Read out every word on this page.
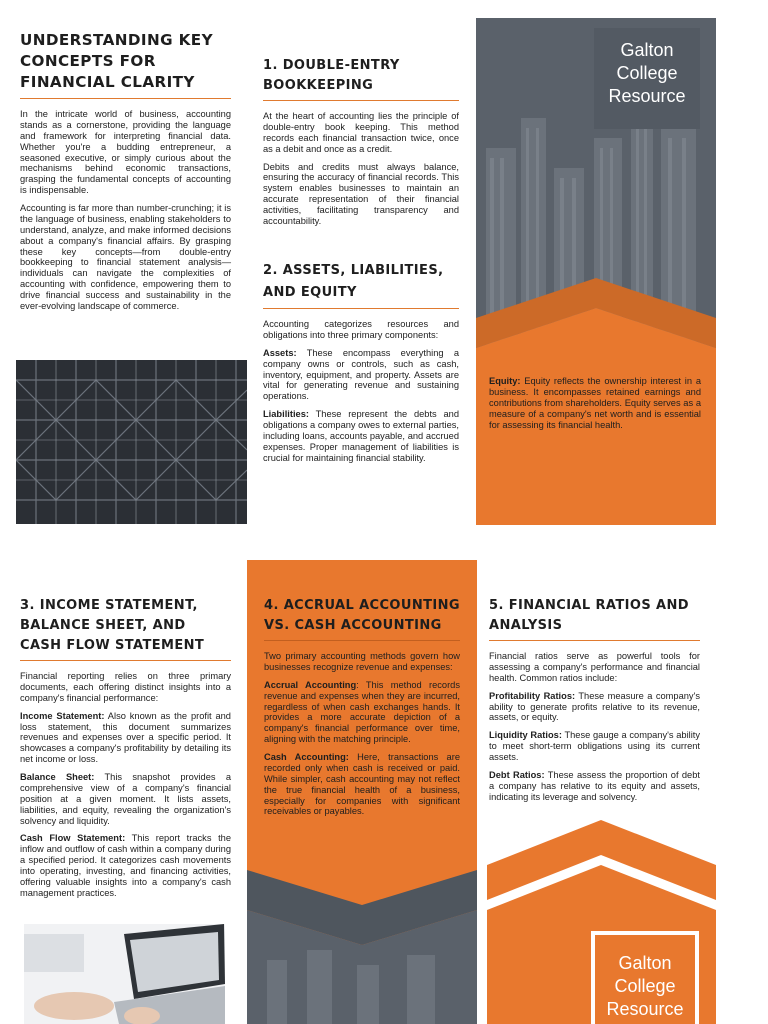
UNDERSTANDING KEY CONCEPTS FOR FINANCIAL CLARITY

In the intricate world of business, accounting stands as a cornerstone, providing the language and framework for interpreting financial data. Whether you're a budding entrepreneur, a seasoned executive, or simply curious about the mechanisms behind economic transactions, grasping the fundamental concepts of accounting is indispensable.

Accounting is far more than number-crunching; it is the language of business, enabling stakeholders to understand, analyze, and make informed decisions about a company's financial affairs. By grasping these key concepts—from double-entry bookkeeping to financial statement analysis—individuals can navigate the complexities of accounting with confidence, empowering them to drive financial success and sustainability in the ever-evolving landscape of commerce.

1. DOUBLE-ENTRY BOOKKEEPING

At the heart of accounting lies the principle of double-entry book keeping. This method records each financial transaction twice, once as a debit and once as a credit.

Debits and credits must always balance, ensuring the accuracy of financial records. This system enables businesses to maintain an accurate representation of their financial activities, facilitating transparency and accountability.

2. ASSETS, LIABILITIES, AND EQUITY

Accounting categorizes resources and obligations into three primary components:

Assets: These encompass everything a company owns or controls, such as cash, inventory, equipment, and property. Assets are vital for generating revenue and sustaining operations.

Liabilities: These represent the debts and obligations a company owes to external parties, including loans, accounts payable, and accrued expenses. Proper management of liabilities is crucial for maintaining financial stability.

Galton
College
Resource

Equity: Equity reflects the ownership interest in a business. It encompasses retained earnings and contributions from shareholders. Equity serves as a measure of a company's net worth and is essential for assessing its financial health.

3. INCOME STATEMENT, BALANCE SHEET, AND CASH FLOW STATEMENT

Financial reporting relies on three primary documents, each offering distinct insights into a company's financial performance:

Income Statement: Also known as the profit and loss statement, this document summarizes revenues and expenses over a specific period. It showcases a company's profitability by detailing its net income or loss.

Balance Sheet: This snapshot provides a comprehensive view of a company's financial position at a given moment. It lists assets, liabilities, and equity, revealing the organization's solvency and liquidity.

Cash Flow Statement: This report tracks the inflow and outflow of cash within a company during a specified period. It categorizes cash movements into operating, investing, and financing activities, offering valuable insights into a company's cash management practices.

4. ACCRUAL ACCOUNTING VS. CASH ACCOUNTING

Two primary accounting methods govern how businesses recognize revenue and expenses:

Accrual Accounting: This method records revenue and expenses when they are incurred, regardless of when cash exchanges hands. It provides a more accurate depiction of a company's financial performance over time, aligning with the matching principle.

Cash Accounting: Here, transactions are recorded only when cash is received or paid. While simpler, cash accounting may not reflect the true financial health of a business, especially for companies with significant receivables or payables.

5. FINANCIAL RATIOS AND ANALYSIS

Financial ratios serve as powerful tools for assessing a company's performance and financial health. Common ratios include:

Profitability Ratios: These measure a company's ability to generate profits relative to its revenue, assets, or equity.

Liquidity Ratios: These gauge a company's ability to meet short-term obligations using its current assets.

Debt Ratios: These assess the proportion of debt a company has relative to its equity and assets, indicating its leverage and solvency.

Galton
College
Resource
